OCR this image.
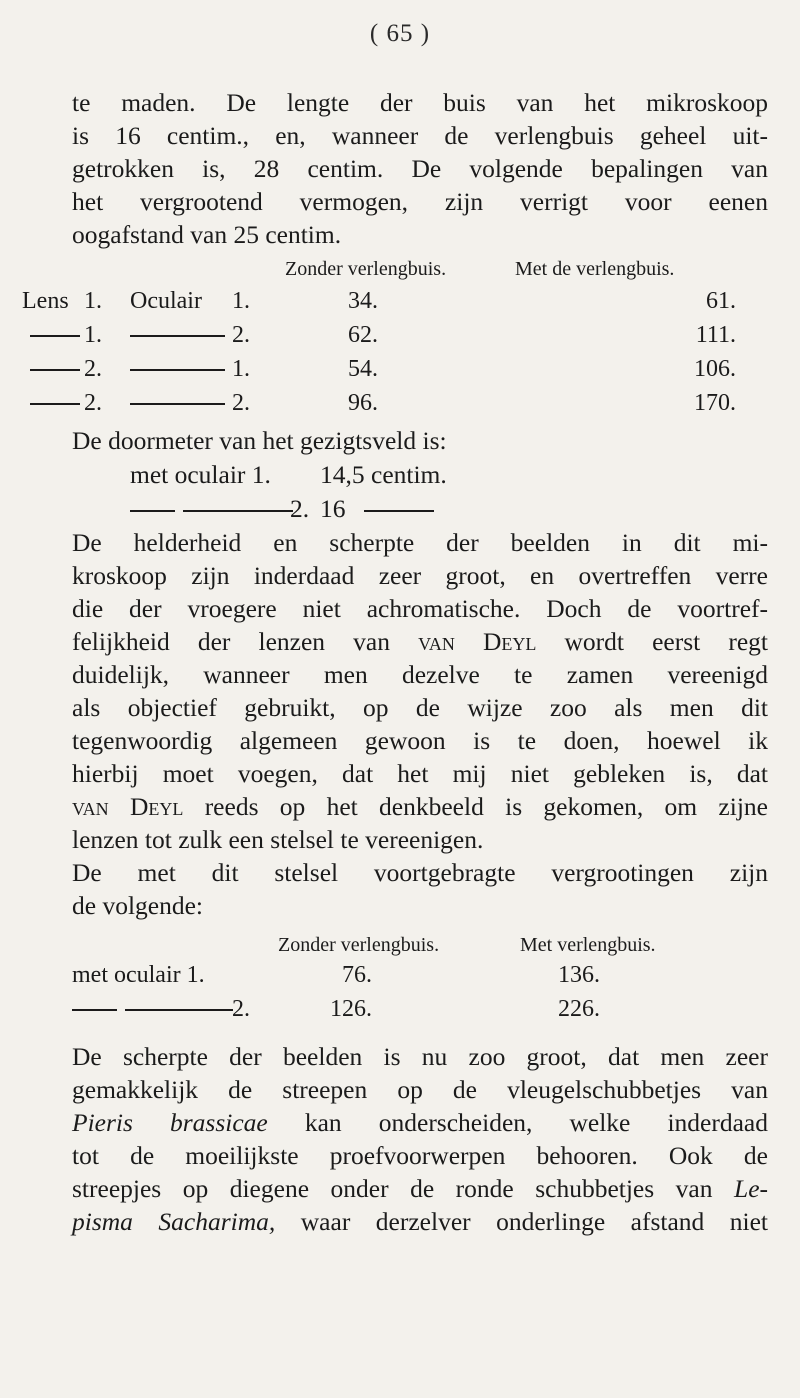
( 65 )

te maden. De lengte der buis van het mikroskoop
is 16 centim., en, wanneer de verlengbuis geheel uit-
getrokken is, 28 centim. De volgende bepalingen van
het vergrootend vermogen, zijn verrigt voor eenen
oogafstand van 25 centim.

Zonder verlengbuis.	Met de verlengbuis.
Lens 1. Oculair 1.	34.	61.
1.	2.	62.	111.
2.	1.	54.	106.
2.	2.	96.	170.
De doormeter van het gezigtsveld is:
met oculair 1. 14,5 centim.
2. 16

De helderheid en scherpte der beelden in dit mi-
kroskoop zijn inderdaad zeer groot, en overtreffen verre
die der vroegere niet achromatische. Doch de voortref-
felijkheid der lenzen van van Deyl wordt eerst regt
duidelijk, wanneer men dezelve te zamen vereenigd
als objectief gebruikt, op de wijze zoo als men dit
tegenwoordig algemeen gewoon is te doen, hoewel ik
hierbij moet voegen, dat het mij niet gebleken is, dat
van Deyl reeds op het denkbeeld is gekomen, om zijne
lenzen tot zulk een stelsel te vereenigen.
De met dit stelsel voortgebragte vergrootingen zijn
de volgende:

Zonder verlengbuis.	Met verlengbuis.
met oculair 1.	76.	136.
2.	126.	226.

De scherpte der beelden is nu zoo groot, dat men zeer
gemakkelijk de streepen op de vleugelschubbetjes van
Pieris brassicae kan onderscheiden, welke inderdaad
tot de moeilijkste proefvoorwerpen behooren. Ook de
streepjes op diegene onder de ronde schubbetjes van Le-
pisma Sacharima, waar derzelver onderlinge afstand niet
